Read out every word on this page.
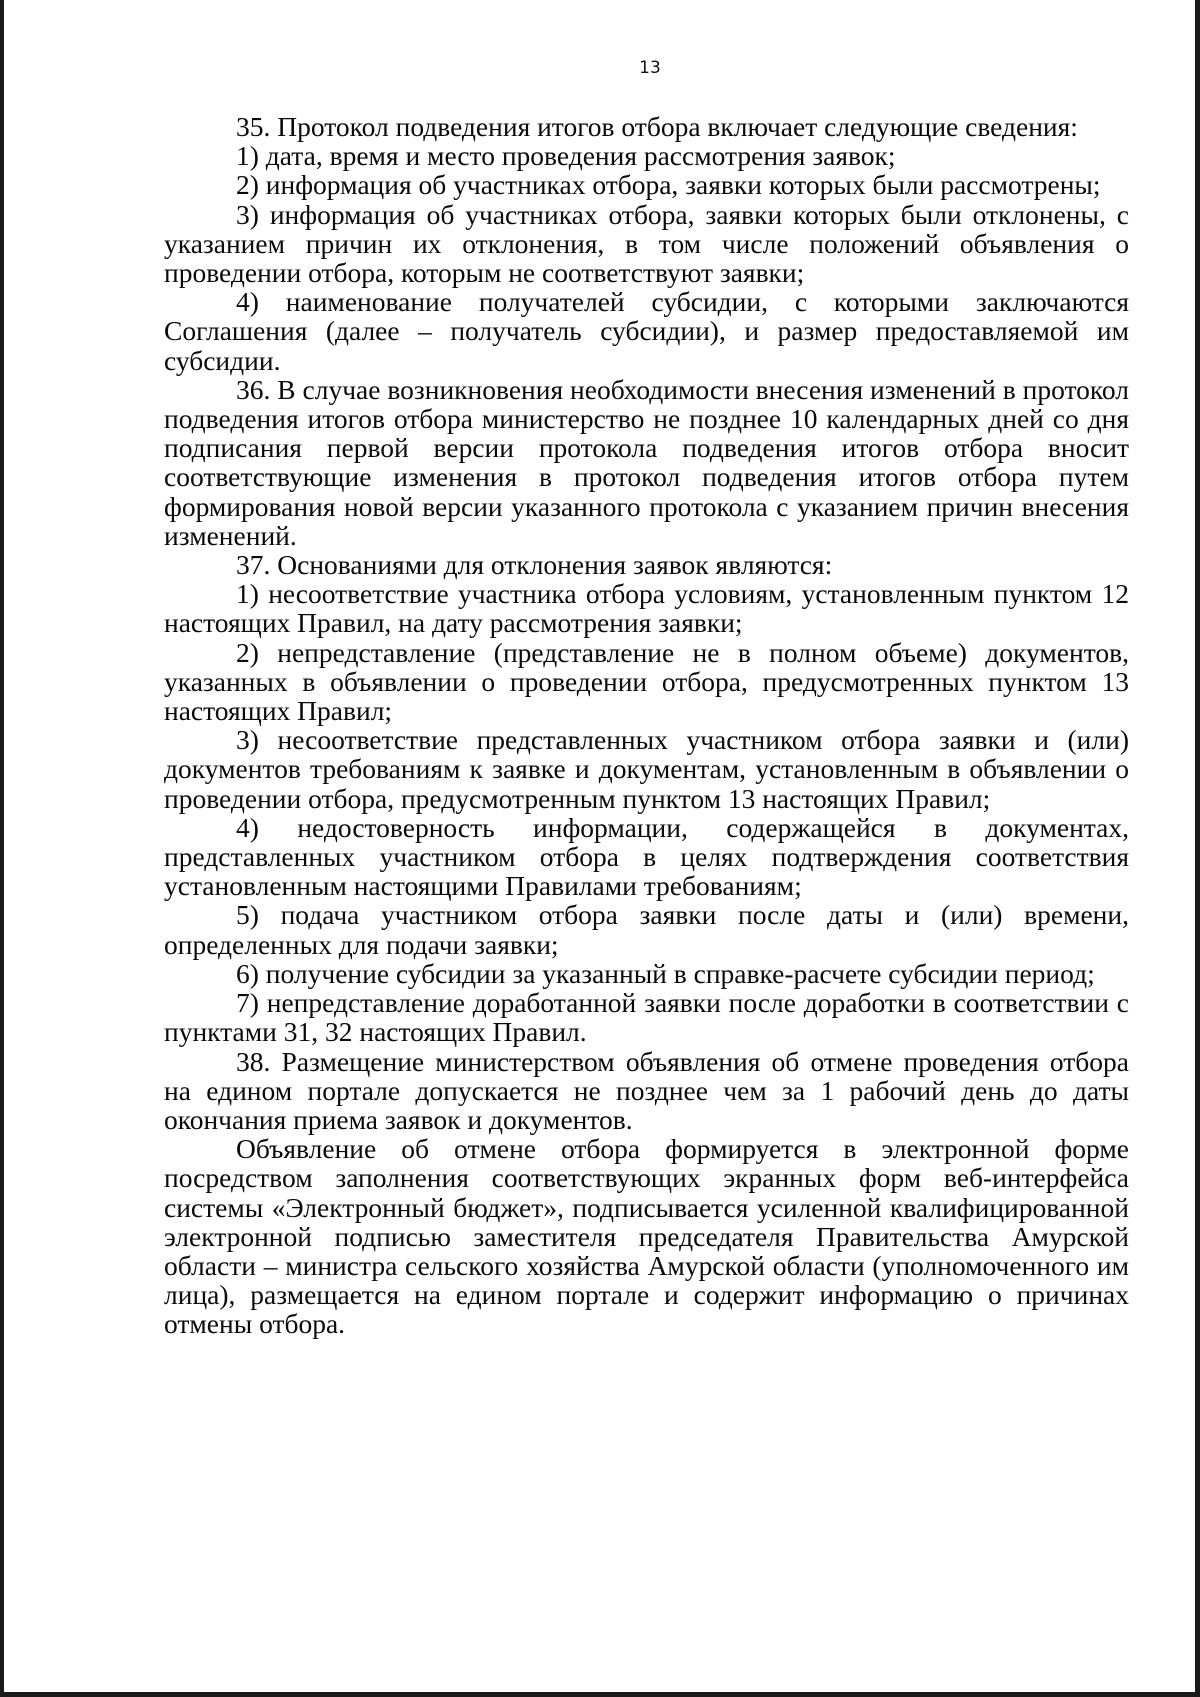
13

35. Протокол подведения итогов отбора включает следующие сведения:

1) дата, время и место проведения рассмотрения заявок;

2) информация об участниках отбора, заявки которых были рассмотрены;

3) информация об участниках отбора, заявки которых были отклонены, с указанием причин их отклонения, в том числе положений объявления о проведении отбора, которым не соответствуют заявки;

4) наименование получателей субсидии, с которыми заключаются Соглашения (далее – получатель субсидии), и размер предоставляемой им субсидии.

36. В случае возникновения необходимости внесения изменений в протокол подведения итогов отбора министерство не позднее 10 календарных дней со дня подписания первой версии протокола подведения итогов отбора вносит соответствующие изменения в протокол подведения итогов отбора путем формирования новой версии указанного протокола с указанием причин внесения изменений.

37. Основаниями для отклонения заявок являются:

1) несоответствие участника отбора условиям, установленным пунктом 12 настоящих Правил, на дату рассмотрения заявки;

2) непредставление (представление не в полном объеме) документов, указанных в объявлении о проведении отбора, предусмотренных пунктом 13 настоящих Правил;

3) несоответствие представленных участником отбора заявки и (или) документов требованиям к заявке и документам, установленным в объявлении о проведении отбора, предусмотренным пунктом 13 настоящих Правил;

4) недостоверность информации, содержащейся в документах, представленных участником отбора в целях подтверждения соответствия установленным настоящими Правилами требованиям;

5) подача участником отбора заявки после даты и (или) времени, определенных для подачи заявки;

6) получение субсидии за указанный в справке-расчете субсидии период;

7) непредставление доработанной заявки после доработки в соответствии с пунктами 31, 32 настоящих Правил.

38. Размещение министерством объявления об отмене проведения отбора на едином портале допускается не позднее чем за 1 рабочий день до даты окончания приема заявок и документов.

Объявление об отмене отбора формируется в электронной форме посредством заполнения соответствующих экранных форм веб-интерфейса системы «Электронный бюджет», подписывается усиленной квалифицированной электронной подписью заместителя председателя Правительства Амурской области – министра сельского хозяйства Амурской области (уполномоченного им лица), размещается на едином портале и содержит информацию о причинах отмены отбора.
